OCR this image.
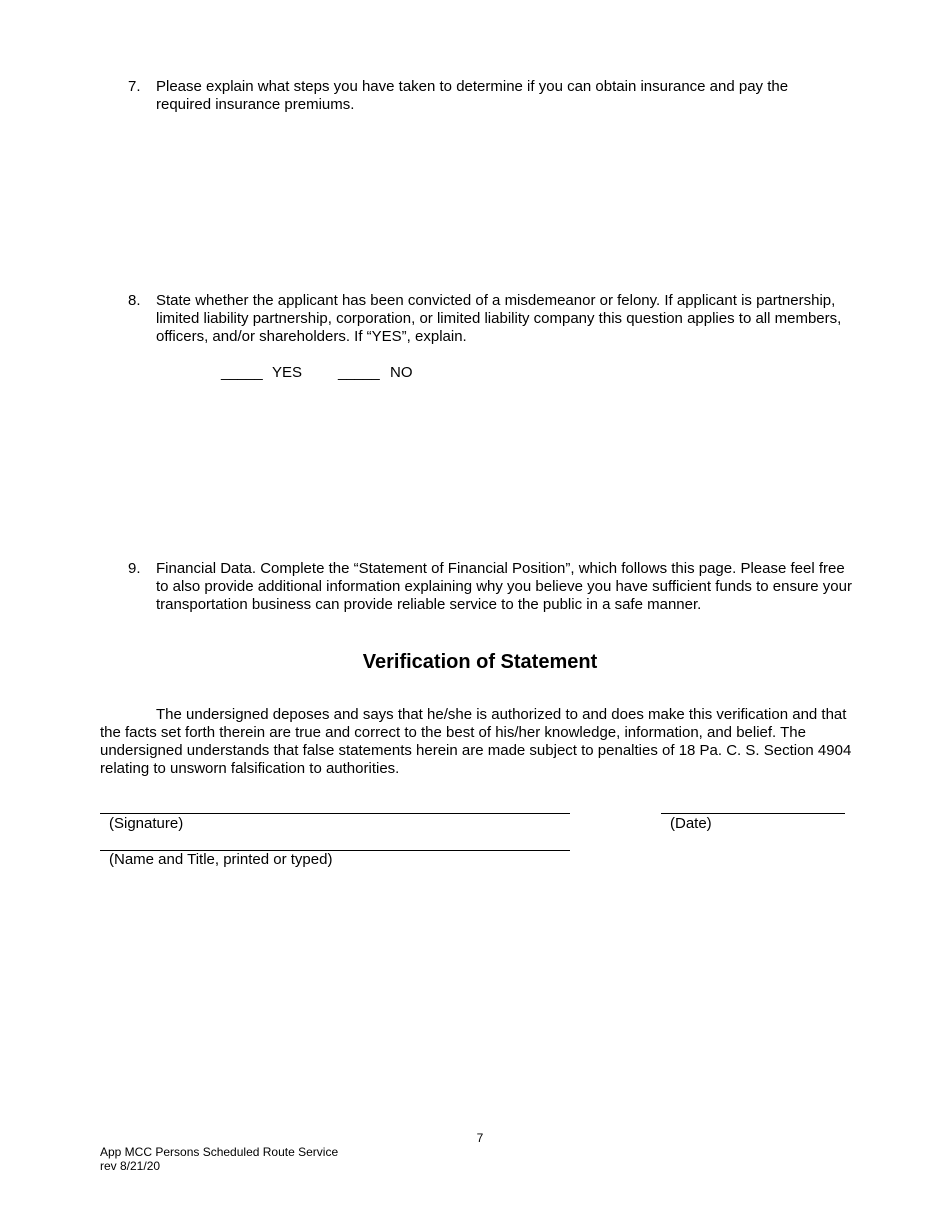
7. Please explain what steps you have taken to determine if you can obtain insurance and pay the required insurance premiums.
8. State whether the applicant has been convicted of a misdemeanor or felony. If applicant is partnership, limited liability partnership, corporation, or limited liability company this question applies to all members, officers, and/or shareholders. If “YES”, explain.
_____ YES _____ NO
9. Financial Data. Complete the “Statement of Financial Position”, which follows this page. Please feel free to also provide additional information explaining why you believe you have sufficient funds to ensure your transportation business can provide reliable service to the public in a safe manner.
Verification of Statement
The undersigned deposes and says that he/she is authorized to and does make this verification and that the facts set forth therein are true and correct to the best of his/her knowledge, information, and belief. The undersigned understands that false statements herein are made subject to penalties of 18 Pa. C. S. Section 4904 relating to unsworn falsification to authorities.
(Signature)	(Date)
(Name and Title, printed or typed)
7
App MCC Persons Scheduled Route Service
rev 8/21/20
